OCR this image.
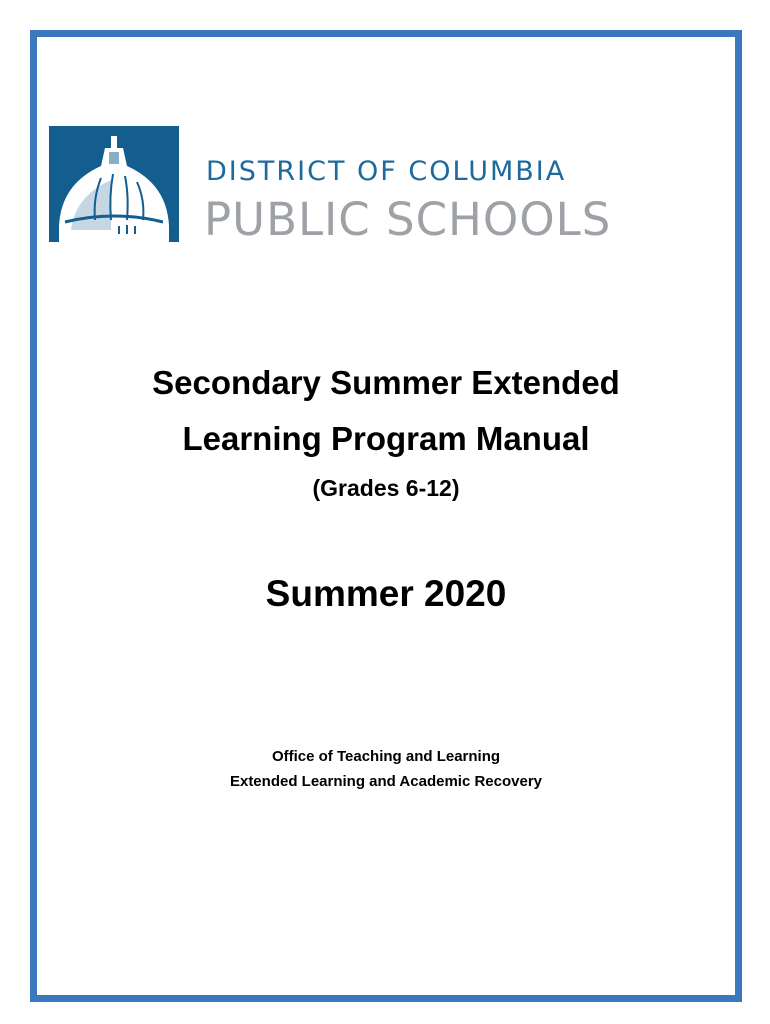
DISTRICT OF COLUMBIA
PUBLIC SCHOOLS
Secondary Summer Extended
Learning Program Manual
(Grades 6-12)
Summer 2020
Office of Teaching and Learning
Extended Learning and Academic Recovery
